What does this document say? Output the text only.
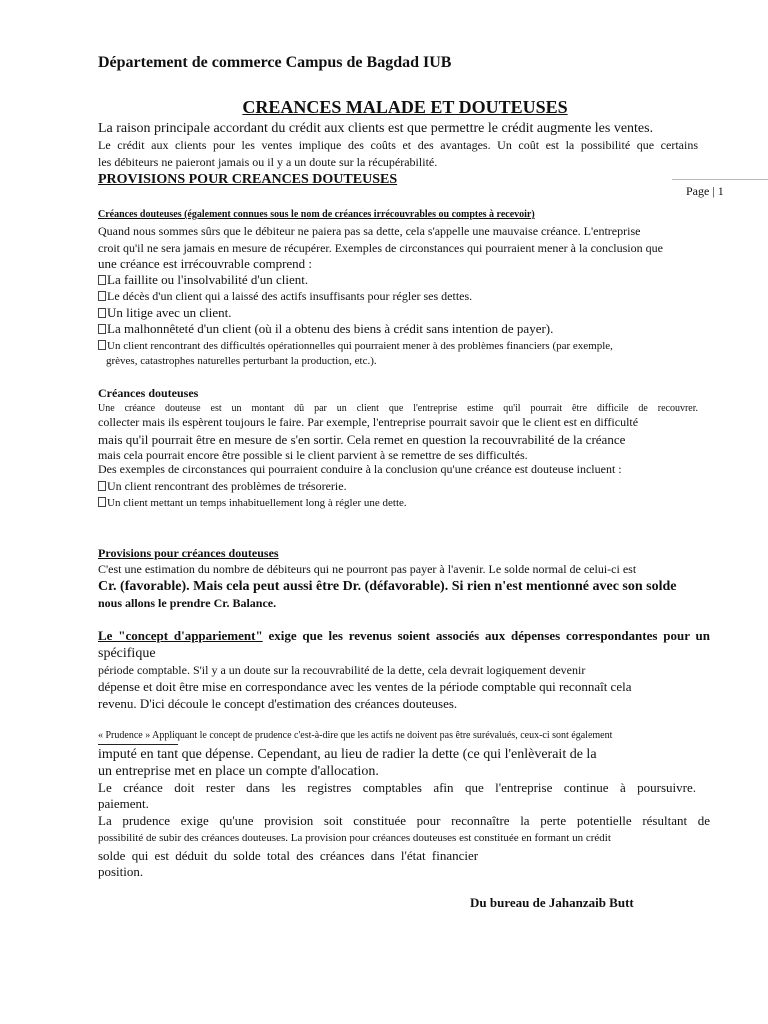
Département de commerce Campus de Bagdad IUB
CREANCES MALADE ET DOUTEUSES
La raison principale accordant du crédit aux clients est que permettre le crédit augmente les ventes.
Le crédit aux clients pour les ventes implique des coûts et des avantages. Un coût est la possibilité que certains
les débiteurs ne paieront jamais ou il y a un doute sur la récupérabilité.
PROVISIONS POUR CREANCES DOUTEUSES
Page | 1
Créances douteuses (également connues sous le nom de créances irrécouvrables ou comptes à recevoir)
Quand nous sommes sûrs que le débiteur ne paiera pas sa dette, cela s'appelle une mauvaise créance. L'entreprise
croit qu'il ne sera jamais en mesure de récupérer. Exemples de circonstances qui pourraient mener à la conclusion que
une créance est irrécouvrable comprend :
La faillite ou l'insolvabilité d'un client.
Le décès d'un client qui a laissé des actifs insuffisants pour régler ses dettes.
Un litige avec un client.
La malhonnêteté d'un client (où il a obtenu des biens à crédit sans intention de payer).
Un client rencontrant des difficultés opérationnelles qui pourraient mener à des problèmes financiers (par exemple,
grèves, catastrophes naturelles perturbant la production, etc.).
Créances douteuses
Une créance douteuse est un montant dû par un client que l'entreprise estime qu'il pourrait être difficile de recouvrer.
collecter mais ils espèrent toujours le faire. Par exemple, l'entreprise pourrait savoir que le client est en difficulté
mais qu'il pourrait être en mesure de s'en sortir. Cela remet en question la recouvrabilité de la créance
mais cela pourrait encore être possible si le client parvient à se remettre de ses difficultés.
Des exemples de circonstances qui pourraient conduire à la conclusion qu'une créance est douteuse incluent :
Un client rencontrant des problèmes de trésorerie.
Un client mettant un temps inhabituellement long à régler une dette.
Provisions pour créances douteuses
C'est une estimation du nombre de débiteurs qui ne pourront pas payer à l'avenir. Le solde normal de celui-ci est
Cr. (favorable). Mais cela peut aussi être Dr. (défavorable). Si rien n'est mentionné avec son solde
nous allons le prendre Cr. Balance.
Le "concept d'appariement" exige que les revenus soient associés aux dépenses correspondantes pour un
spécifique
période comptable. S'il y a un doute sur la recouvrabilité de la dette, cela devrait logiquement devenir
dépense et doit être mise en correspondance avec les ventes de la période comptable qui reconnaît cela
revenu. D'ici découle le concept d'estimation des créances douteuses.
« Prudence » Appliquant le concept de prudence c'est-à-dire que les actifs ne doivent pas être surévalués, ceux-ci sont également
imputé en tant que dépense. Cependant, au lieu de radier la dette (ce qui l'enlèverait de la
un entreprise met en place un compte d'allocation.
Le créance doit rester dans les registres comptables afin que l'entreprise continue à poursuivre.
paiement.
La prudence exige qu'une provision soit constituée pour reconnaître la perte potentielle résultant de
possibilité de subir des créances douteuses. La provision pour créances douteuses est constituée en formant un crédit
solde qui est déduit du solde total des créances dans l'état financier
position.
Du bureau de Jahanzaib Butt
